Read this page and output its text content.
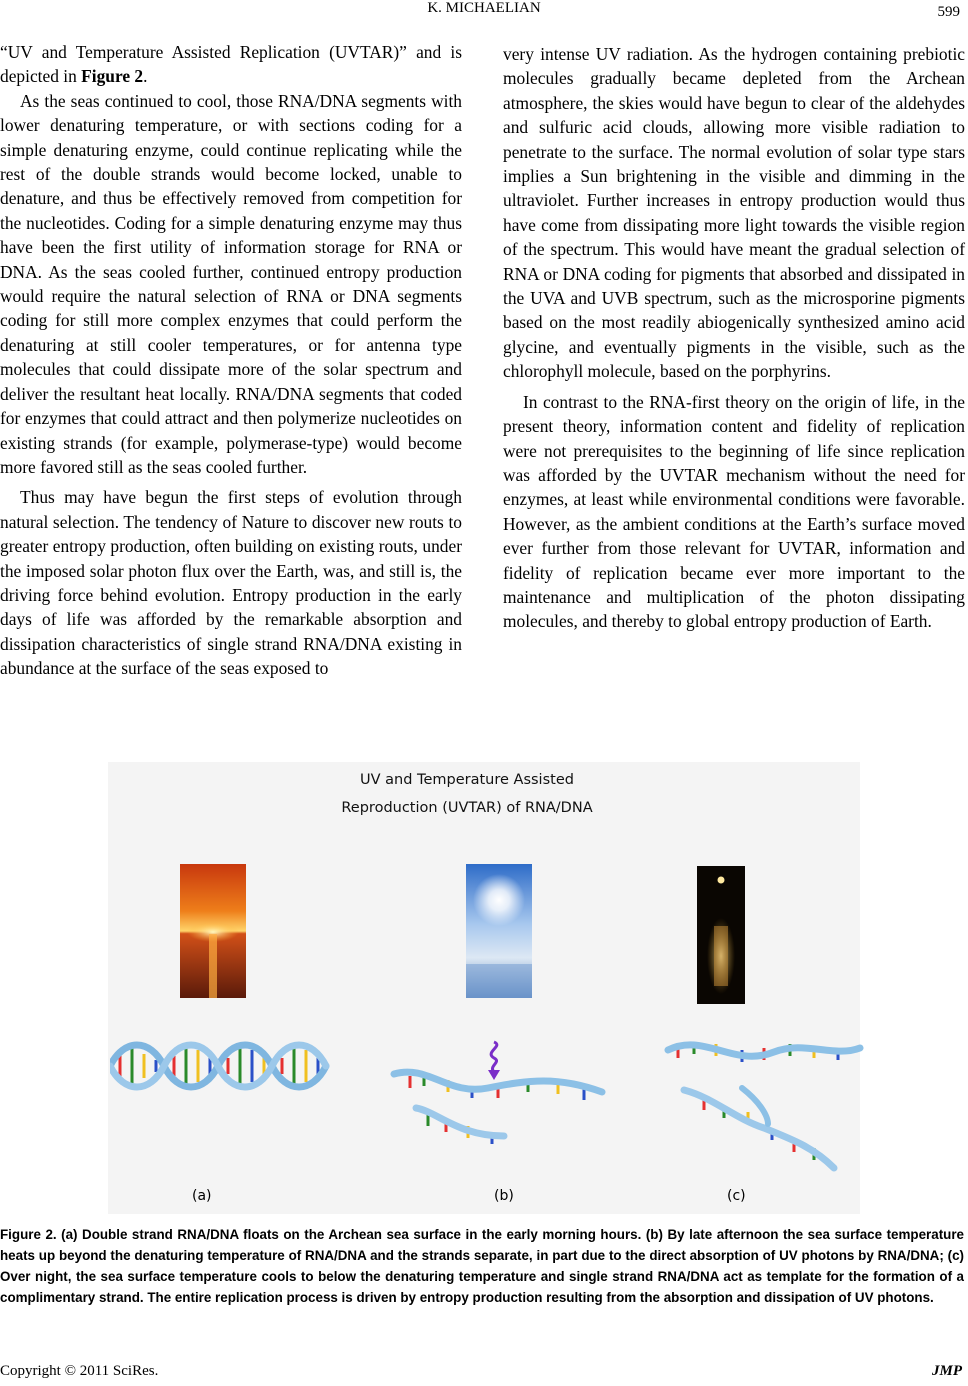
K. MICHAELIAN	599

“UV and Temperature Assisted Replication (UVTAR)” and is depicted in Figure 2.

As the seas continued to cool, those RNA/DNA segments with lower denaturing temperature, or with sections coding for a simple denaturing enzyme, could continue replicating while the rest of the double strands would become locked, unable to denature, and thus be effectively removed from competition for the nucleotides. Coding for a simple denaturing enzyme may thus have been the first utility of information storage for RNA or DNA. As the seas cooled further, continued entropy production would require the natural selection of RNA or DNA segments coding for still more complex enzymes that could perform the denaturing at still cooler temperatures, or for antenna type molecules that could dissipate more of the solar spectrum and deliver the resultant heat locally. RNA/DNA segments that coded for enzymes that could attract and then polymerize nucleotides on existing strands (for example, polymerase-type) would become more favored still as the seas cooled further.

Thus may have begun the first steps of evolution through natural selection. The tendency of Nature to discover new routs to greater entropy production, often building on existing routs, under the imposed solar photon flux over the Earth, was, and still is, the driving force behind evolution. Entropy production in the early days of life was afforded by the remarkable absorption and dissipation characteristics of single strand RNA/DNA existing in abundance at the surface of the seas exposed to

very intense UV radiation. As the hydrogen containing prebiotic molecules gradually became depleted from the Archean atmosphere, the skies would have begun to clear of the aldehydes and sulfuric acid clouds, allowing more visible radiation to penetrate to the surface. The normal evolution of solar type stars implies a Sun brightening in the visible and dimming in the ultraviolet. Further increases in entropy production would thus have come from dissipating more light towards the visible region of the spectrum. This would have meant the gradual selection of RNA or DNA coding for pigments that absorbed and dissipated in the UVA and UVB spectrum, such as the microsporine pigments based on the most readily abiogenically synthesized amino acid glycine, and eventually pigments in the visible, such as the chlorophyll molecule, based on the porphyrins.

In contrast to the RNA-first theory on the origin of life, in the present theory, information content and fidelity of replication were not prerequisites to the beginning of life since replication was afforded by the UVTAR mechanism without the need for enzymes, at least while environmental conditions were favorable. However, as the ambient conditions at the Earth’s surface moved ever further from those relevant for UVTAR, information and fidelity of replication became ever more important to the maintenance and multiplication of the photon dissipating molecules, and thereby to global entropy production of Earth.

UV and Temperature Assisted
Reproduction (UVTAR) of RNA/DNA
(a)	(b)	(c)
Figure 2. (a) Double strand RNA/DNA floats on the Archean sea surface in the early morning hours. (b) By late afternoon the sea surface temperature heats up beyond the denaturing temperature of RNA/DNA and the strands separate, in part due to the direct absorption of UV photons by RNA/DNA; (c) Over night, the sea surface temperature cools to below the denaturing temperature and single strand RNA/DNA act as template for the formation of a complimentary strand. The entire replication process is driven by entropy production resulting from the absorption and dissipation of UV photons.
Copyright © 2011 SciRes.	JMP
